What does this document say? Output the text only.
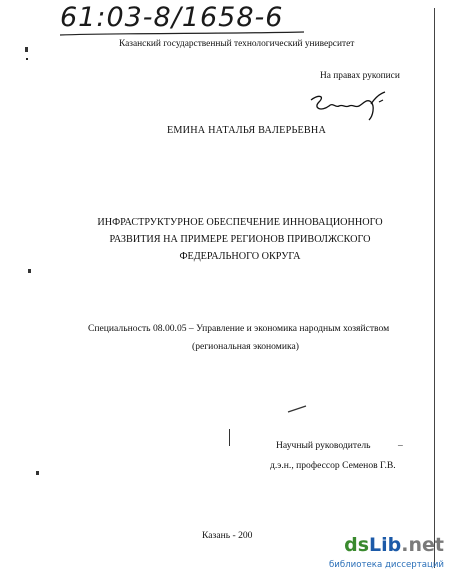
61:03-8/1658-6
Казанский государственный технологический университет
На правах рукописи
ЕМИНА НАТАЛЬЯ ВАЛЕРЬЕВНА
ИНФРАСТРУКТУРНОЕ ОБЕСПЕЧЕНИЕ ИННОВАЦИОННОГО
РАЗВИТИЯ НА ПРИМЕРЕ РЕГИОНОВ ПРИВОЛЖСКОГО
ФЕДЕРАЛЬНОГО ОКРУГА
Специальность 08.00.05 – Управление и экономика народным хозяйством
(региональная экономика)
Научный руководитель	–
д.э.н., профессор Семенов Г.В.
Казань - 200	dsLib.net
библиотека диссертаций
